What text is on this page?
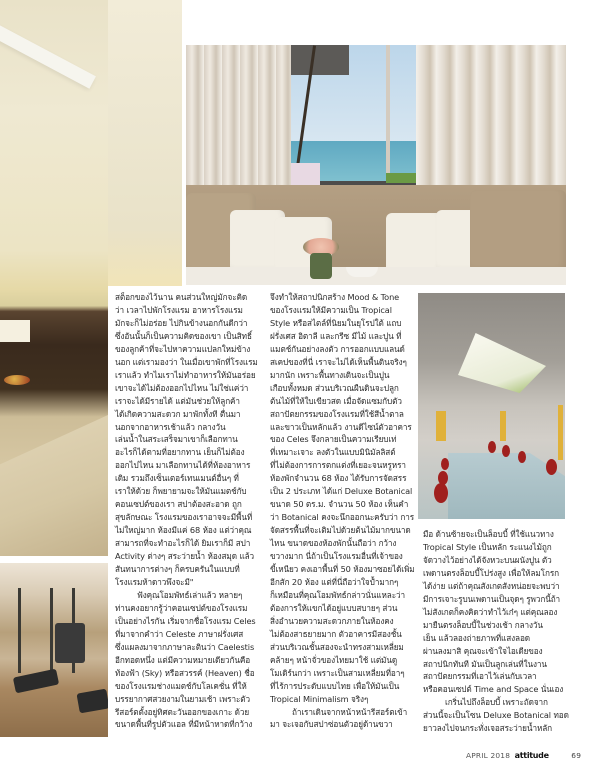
สต็อกของไว้นาน คนส่วนใหญ่มักจะคิด

ว่า เวลาไปพักโรงแรม อาหารโรงแรม

มักจะก็ไม่อร่อย ไปกินข้างนอกกันดีกว่า

ซึ่งอันนั้นก็เป็นความคิดของเขา เป็นสิทธิ์

ของลูกค้าที่จะไปหาความแปลกใหม่ข้าง

นอก แต่เรามองว่า ในเมื่อเขาพักที่โรงแรม

เราแล้ว ทำไมเราไม่ทำอาหารให้มันอร่อย

เขาจะได้ไม่ต้องออกไปไหน ไม่ใช่แค่ว่า

เราจะได้มีรายได้ แต่มันช่วยให้ลูกค้า

ได้เกิดความสะดวก มาพักทั้งที ตื่นมา

นอกจากอาหารเช้าแล้ว กลางวัน

เล่นน้ำในสระเสร็จมาเขาก็เลือกทาน

อะไรก็ได้ตามที่อยากทาน เย็นก็ไม่ต้อง

ออกไปไหน มาเลือกทานได้ที่ห้องอาหาร

เดิม รวมถึงเซ็นเตอร์เทนเมนต์อื่นๆ ที่

เราให้ด้วย ก็พยายามจะให้มันแมตช์กับ

คอนเซปต์ของเรา สปาต้องสะอาด ถูก

สุขลักษณะ โรงแรมของเราอาจจะมีพื้นที่

ไม่ใหญ่มาก ห้องมีแค่ 68 ห้อง แต่ว่าคุณ

สามารถที่จะทำอะไรก็ได้ ยิมเราก็มี สปา

Activity ต่างๆ สระว่ายน้ำ ห้องสมุด แล้ว

สันทนาการต่างๆ ก็ครบครันในแบบที่

โรงแรมห้าดาวพึงจะมี"

ฟังคุณโอมพัทธ์เล่าแล้ว หลายๆ

ท่านคงอยากรู้ว่าคอนเซปต์ของโรงแรม

เป็นอย่างไรกัน เริ่มจากชื่อโรงแรม Celes

ที่มาจากคำว่า Celeste ภาษาฝรั่งเศส

ซึ่งแผลงมาจากภาษาละตินว่า Caelestis

อีกทอดหนึ่ง แต่มีความหมายเดียวกันคือ

ท้องฟ้า (Sky) หรือสวรรค์ (Heaven) ชื่อ

ของโรงแรมช่างแมตช์กับโลเคชั่น ที่ให้

บรรยากาศสวยงามในยามเช้า เพราะตัว

รีสอร์ตตั้งอยู่ทิศตะวันออกของเกาะ ด้วย

ขนาดพื้นที่รูปตัวแอล ที่มีหน้าหาดที่กว้าง

จึงทำให้สถาปนิกสร้าง Mood & Tone

ของโรงแรมให้มีความเป็น Tropical

Style หรือสไตล์ที่นิยมในยุโรปใต้ แถบ

ฝรั่งเศส อิตาลี และกรีซ มีไม้ และปูน ที่

แมตช์กันอย่างลงตัว การออกแบบแลนด์

สเคปของที่นี่ เราจะไม่ได้เห็นพื้นดินจริงๆ

มากนัก เพราะพื้นทางเดินจะเป็นปูน

เกือบทั้งหมด ส่วนบริเวณผืนดินจะปลูก

ต้นไม้ที่ให้ใบเขียวสด เมื่อจัดแซมกับตัว

สถาปัตยกรรมของโรงแรมที่ใช้สีน้ำตาล

และขาวเป็นหลักแล้ว งานดีไซน์ตัวอาคาร

ของ Celes จึงกลายเป็นความเรียบเท่

ที่เหมาะเจาะ ลงตัวในแบบมินิมัลลิสต์

ที่ไม่ต้องการการตกแต่งที่เยอะจนหรูหรา

ห้องพักจำนวน 68 ห้อง ได้รับการจัดสรร

เป็น 2 ประเภท ได้แก่ Deluxe Botanical

ขนาด 50 ตร.ม. จำนวน 50 ห้อง เห็นคำ

ว่า Botanical คงจะนึกออกนะครับว่า การ

จัดสรรพื้นที่จะเติมไปด้วยต้นไม้มากขนาด

ไหน ขนาดของห้องพักนั้นถือว่า กว้าง

ขวางมาก นี่ถ้าเป็นโรงแรมอื่นที่เจ้าของ

ขี้เหนียว คงเอาพื้นที่ 50 ห้องมาซอยได้เพิ่ม

อีกสัก 20 ห้อง แต่ที่นี่ถือว่าใจป้ำมากๆ

ก็เหมือนที่คุณโอมพัทธ์กล่าวนั่นแหละว่า

ต้องการให้แขกได้อยู่แบบสบายๆ ส่วน

สิ่งอำนวยความสะดวกภายในห้องคง

ไม่ต้องสาธยายมาก ตัวอาคารมีสองชั้น

ส่วนบริเวณชั้นสองจะนำทรงสามเหลี่ยม

คล้ายๆ หน้าจั่วของไทยมาใช้ แต่มันดู

โมเดิร์นกว่า เพราะเป็นสามเหลี่ยมที่อาๆ

ที่ไร้การประดับแบบไทย เพื่อให้มันเป็น

Tropical Minimalism จริงๆ

ถ้าเราเดินจากหน้าหน้ารีสอร์ตเข้า

มา จะเจอกับสปาซ่อนตัวอยู่ด้านขวา

มือ ด้านซ้ายจะเป็นล็อบบี้ ที่ใช้แนวทาง

Tropical Style เป็นหลัก ระแนงไม้ถูก

จัดวางไว้อย่างได้จังหวะบนผนังปูน ตัว

เพดานตรงล็อบบี้โปร่งสูง เพื่อให้ลมโกรก

ได้ง่าย แต่ถ้าคุณสังเกตสังหน่อยจะพบว่า

มีการเจาะรูบนเพดานเป็นจุดๆ รูพวกนี้ถ้า

ไม่สังเกตก็คงคิดว่าทำไว้เก๋ๆ แต่คุณลอง

มายืนตรงล็อบบี้ในช่วงเช้า กลางวัน

เย็น แล้วลองถ่ายภาพที่แสงลอด

ผ่านลงมาสิ คุณจะเข้าใจไอเดียของ

สถาปนิกทันที มันเป็นลูกเล่นที่ในงาน

สถาปัตยกรรมที่เอาไว้เล่นกับเวลา

หรือคอนเซปต์ Time and Space นั่นเอง

เกริ่นไปถึงล็อบบี้ เพราะถัดจาก

ส่วนนี้จะเป็นโซน Deluxe Botanical ทอด

ยาวลงไปจนกระทั่งเจอสระว่ายน้ำหลัก

APRIL 2018 attitude	69
